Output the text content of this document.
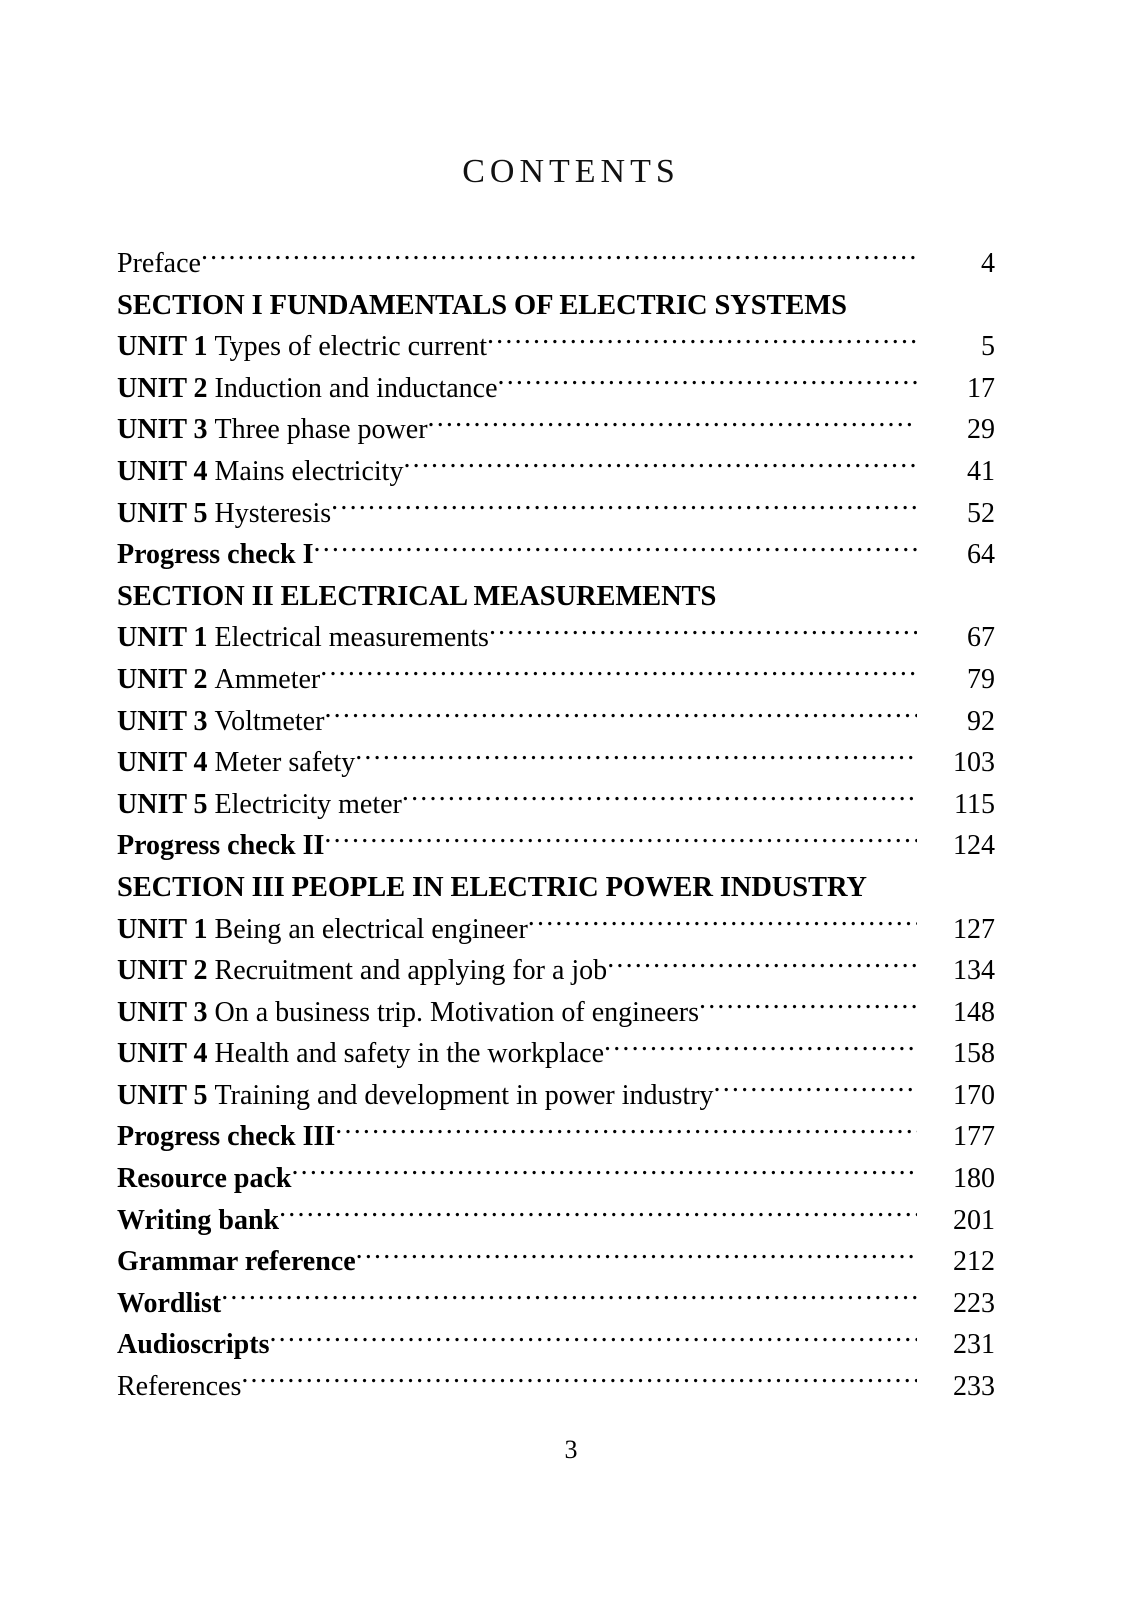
CONTENTS
Preface .....	4
SECTION I FUNDAMENTALS OF ELECTRIC SYSTEMS
UNIT 1 Types of electric current .....	5
UNIT 2 Induction and inductance .....	17
UNIT 3 Three phase power .....	29
UNIT 4 Mains electricity .....	41
UNIT 5 Hysteresis .....	52
Progress check I .....	64
SECTION II ELECTRICAL MEASUREMENTS
UNIT 1 Electrical measurements .....	67
UNIT 2 Ammeter .....	79
UNIT 3 Voltmeter .....	92
UNIT 4 Meter safety .....	103
UNIT 5 Electricity meter .....	115
Progress check II .....	124
SECTION III PEOPLE IN ELECTRIC POWER INDUSTRY
UNIT 1 Being an electrical engineer .....	127
UNIT 2 Recruitment and applying for a job .....	134
UNIT 3 On a business trip. Motivation of engineers .....	148
UNIT 4 Health and safety in the workplace .....	158
UNIT 5 Training and development in power industry .....	170
Progress check III .....	177
Resource pack .....	180
Writing bank .....	201
Grammar reference .....	212
Wordlist .....	223
Audioscripts .....	231
References .....	233
3
